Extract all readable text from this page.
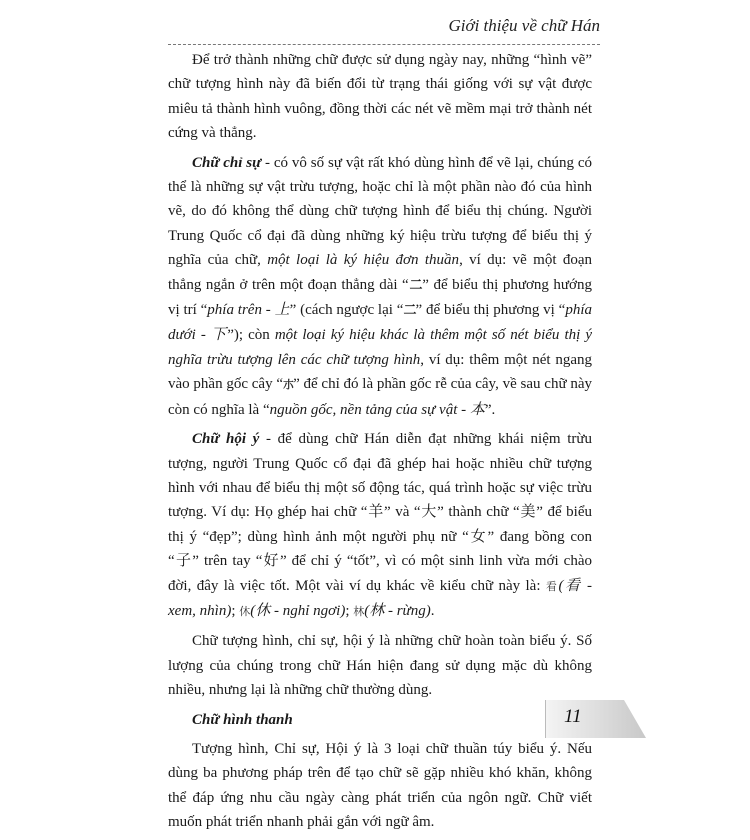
Giới thiệu về chữ Hán

Để trở thành những chữ được sử dụng ngày nay, những “hình vẽ” chữ tượng hình này đã biến đổi từ trạng thái giống với sự vật được miêu tả thành hình vuông, đồng thời các nét vẽ mềm mại trở thành nét cứng và thẳng.

Chữ chỉ sự - có vô số sự vật rất khó dùng hình để vẽ lại, chúng có thể là những sự vật trừu tượng, hoặc chỉ là một phần nào đó của hình vẽ, do đó không thể dùng chữ tượng hình để biểu thị chúng. Người Trung Quốc cổ đại đã dùng những ký hiệu trừu tượng để biểu thị ý nghĩa của chữ, một loại là ký hiệu đơn thuần, ví dụ: vẽ một đoạn thẳng ngắn ở trên một đoạn thẳng dài “二” để biểu thị phương hướng vị trí “phía trên - 上” (cách ngược lại “二” để biểu thị phương vị “phía dưới - 下”); còn một loại ký hiệu khác là thêm một số nét biểu thị ý nghĩa trừu tượng lên các chữ tượng hình, ví dụ: thêm một nét ngang vào phần gốc cây “朩” để chỉ đó là phần gốc rễ của cây, về sau chữ này còn có nghĩa là “nguồn gốc, nền tảng của sự vật - 本”.

Chữ hội ý - để dùng chữ Hán diễn đạt những khái niệm trừu tượng, người Trung Quốc cổ đại đã ghép hai hoặc nhiều chữ tượng hình với nhau để biểu thị một số động tác, quá trình hoặc sự việc trừu tượng. Ví dụ: Họ ghép hai chữ “羊” và “大” thành chữ “美” để biểu thị ý “đẹp”; dùng hình ảnh một người phụ nữ “女” đang bồng con “子” trên tay “好” để chỉ ý “tốt”, vì có một sinh linh vừa mới chào đời, đây là việc tốt. Một vài ví dụ khác về kiểu chữ này là: 看(看 - xem, nhìn); 休(休 - nghỉ ngơi); 林(林 - rừng).

Chữ tượng hình, chỉ sự, hội ý là những chữ hoàn toàn biểu ý. Số lượng của chúng trong chữ Hán hiện đang sử dụng mặc dù không nhiều, nhưng lại là những chữ thường dùng.

Chữ hình thanh

Tượng hình, Chỉ sự, Hội ý là 3 loại chữ thuần túy biểu ý. Nếu dùng ba phương pháp trên để tạo chữ sẽ gặp nhiều khó khăn, không thể đáp ứng nhu cầu ngày càng phát triển của ngôn ngữ. Chữ viết muốn phát triển nhanh phải gắn với ngữ âm.

11
